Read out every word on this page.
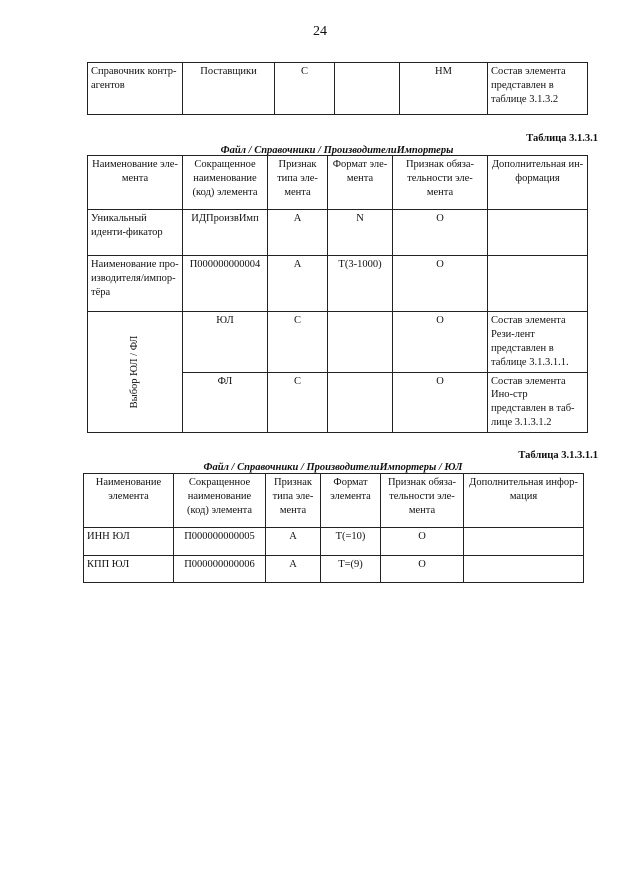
24
Справочник контр-агентов	Поставщики	С		НМ	Состав элемента представлен в таблице 3.1.3.2
Таблица 3.1.3.1
Файл / Справочники / ПроизводителиИмпортеры
Наименование эле-мента	Сокращенное наименование (код) элемента	Признак типа эле-мента	Формат эле-мента	Признак обяза-тельности эле-мента	Дополнительная ин-формация
Уникальный иденти-фикатор	ИДПроизвИмп	А	N	О	
Наименование про-изводителя/импор-тёра	П000000000004	А	Т(3-1000)	О	

Выбор ЮЛ / ФЛ	ЮЛ	С		О	Состав элемента Рези-лент представлен в таблице 3.1.3.1.1.
	ФЛ	С		О	Состав элемента Ино-стр представлен в таб-лице 3.1.3.1.2
Таблица 3.1.3.1.1
Файл / Справочники / ПроизводителиИмпортеры / ЮЛ
Наименование элемента	Сокращенное наименование (код) элемента	Признак типа эле-мента	Формат элемента	Признак обяза-тельности эле-мента	Дополнительная инфор-мация
ИНН ЮЛ	П000000000005	А	Т(=10)	О	
КПП ЮЛ	П000000000006	А	Т=(9)	О	
